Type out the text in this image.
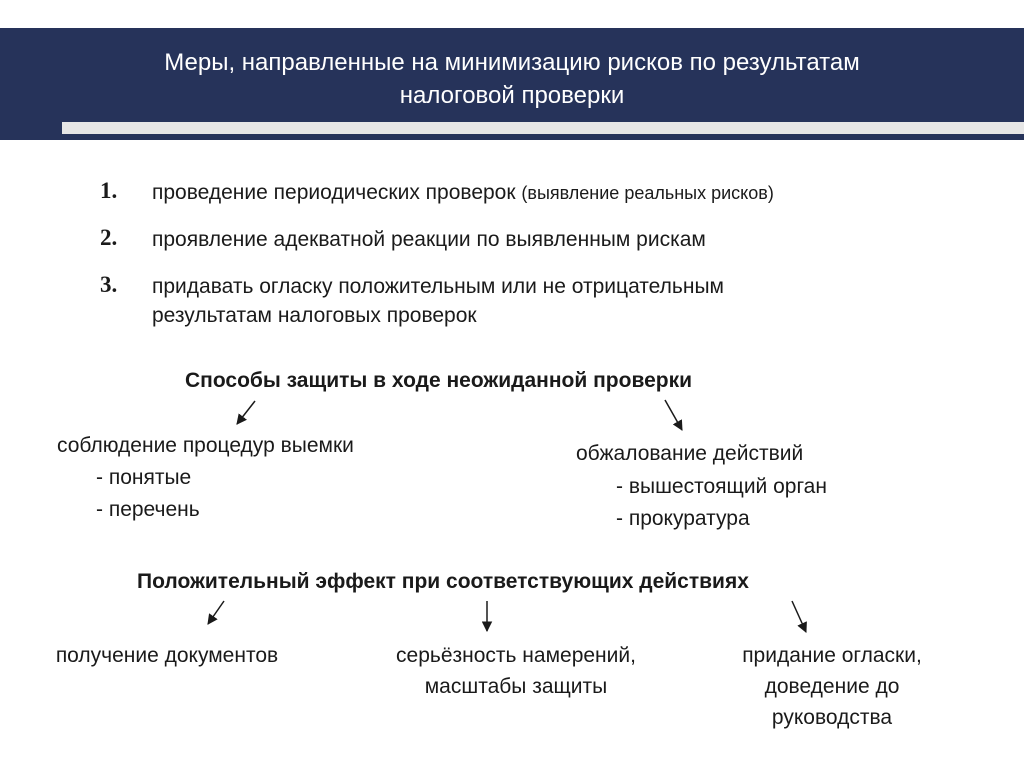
Меры, направленные на минимизацию рисков по результатам
налоговой проверки
1.	проведение периодических проверок (выявление реальных рисков)
2.	проявление адекватной реакции по выявленным рискам
3.	придавать огласку положительным или не отрицательным
результатам налоговых проверок
Способы защиты в ходе неожиданной проверки
соблюдение процедур выемки
- понятые
- перечень
обжалование действий
- вышестоящий орган
- прокуратура
Положительный эффект при соответствующих действиях
получение документов	серьёзность намерений,
масштабы защиты
придание огласки,
доведение до
руководства
